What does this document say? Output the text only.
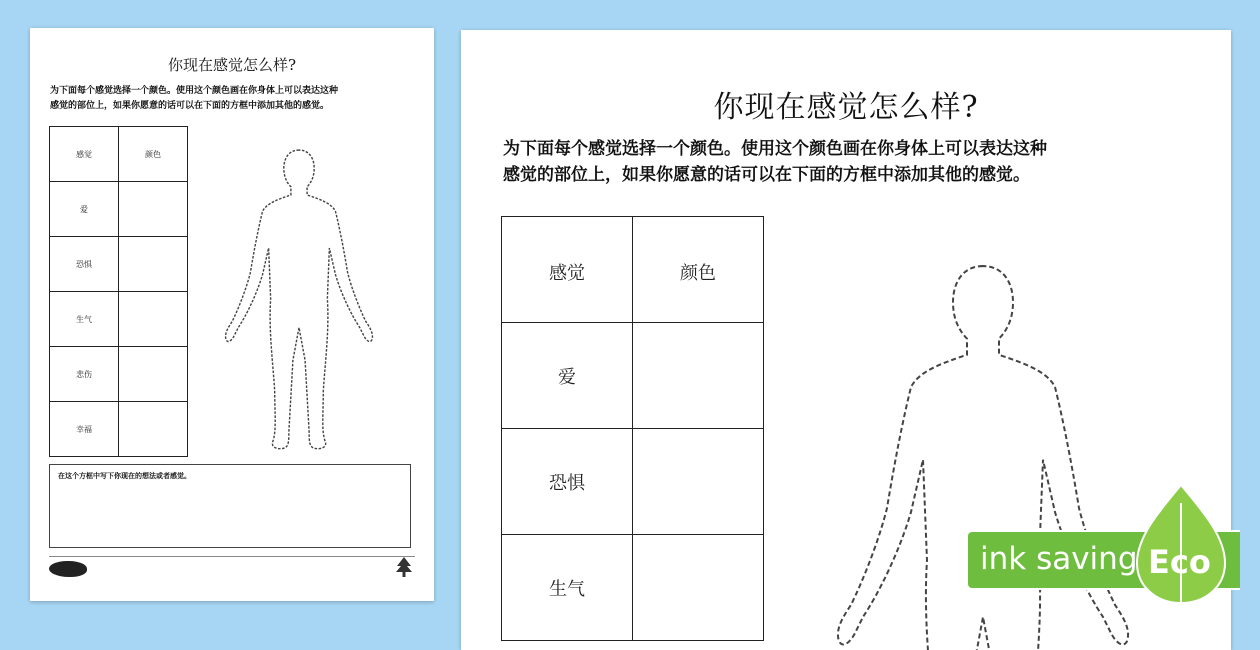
你现在感觉怎么样?
为下面每个感觉选择一个颜色。使用这个颜色画在你身体上可以表达这种
感觉的部位上，如果你愿意的话可以在下面的方框中添加其他的感觉。
感觉	颜色
爱	
恐惧	
生气	
悲伤	
幸福	
在这个方框中写下你现在的想法或者感觉。
你现在感觉怎么样?
为下面每个感觉选择一个颜色。使用这个颜色画在你身体上可以表达这种
感觉的部位上，如果你愿意的话可以在下面的方框中添加其他的感觉。
感觉	颜色
爱	
恐惧	
生气	
ink saving Eco
